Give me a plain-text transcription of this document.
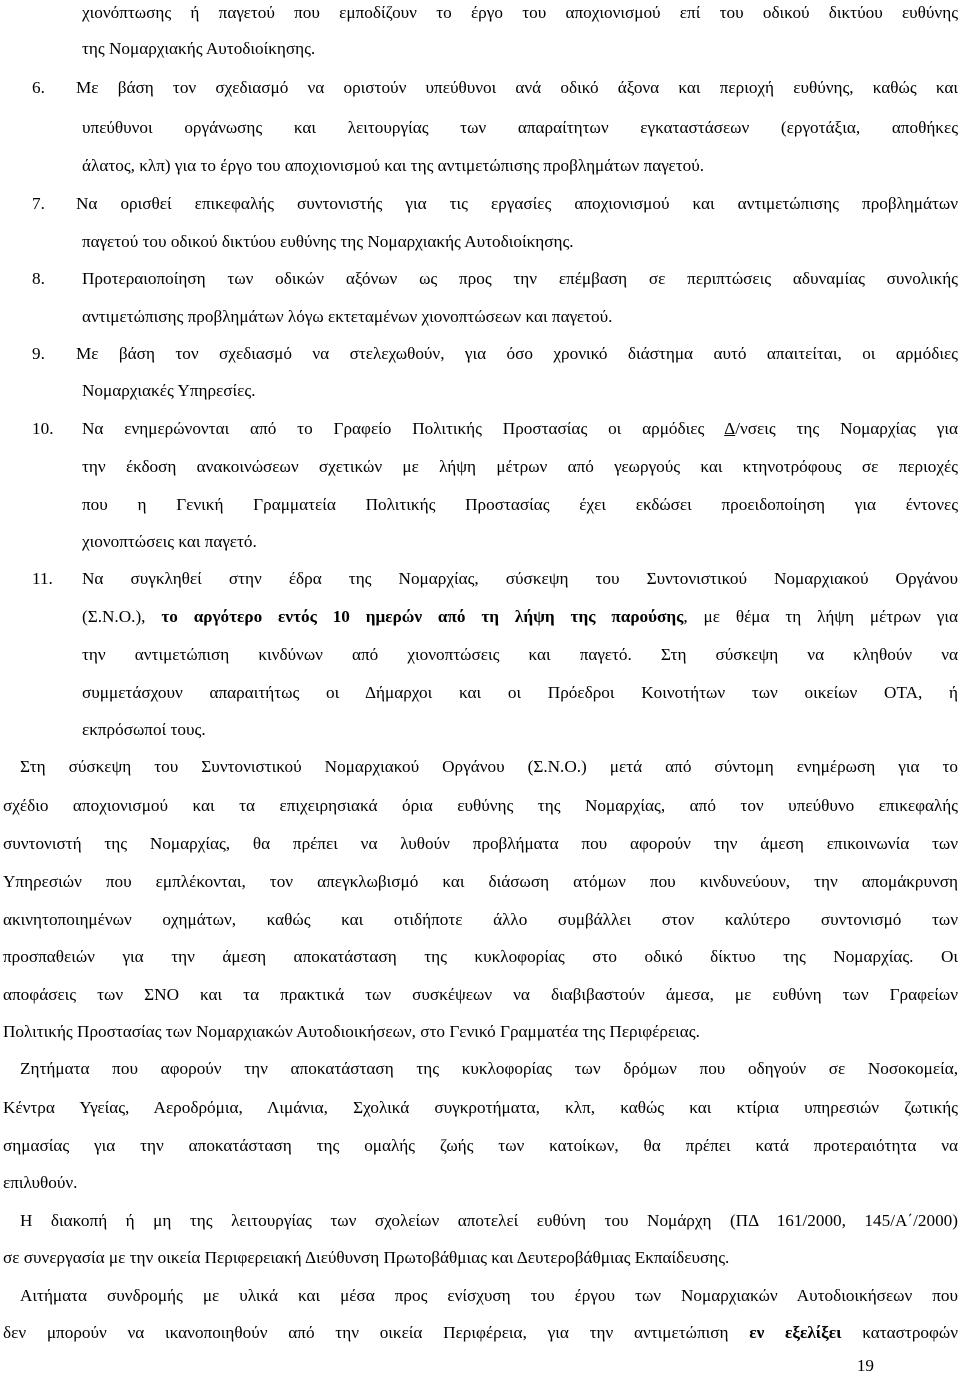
χιονόπτωσης ή παγετού που εμποδίζουν το έργο του αποχιονισμού επί του οδικού δικτύου ευθύνης
της Νομαρχιακής Αυτοδιοίκησης.
6. Με βάση τον σχεδιασμό να οριστούν υπεύθυνοι ανά οδικό άξονα και περιοχή ευθύνης, καθώς και
υπεύθυνοι οργάνωσης και λειτουργίας των απαραίτητων εγκαταστάσεων (εργοτάξια, αποθήκες
άλατος, κλπ) για το έργο του αποχιονισμού και της αντιμετώπισης προβλημάτων παγετού.
7. Να ορισθεί επικεφαλής συντονιστής για τις εργασίες αποχιονισμού και αντιμετώπισης προβλημάτων
παγετού του οδικού δικτύου ευθύνης της Νομαρχιακής Αυτοδιοίκησης.
8. Προτεραιοποίηση των οδικών αξόνων ως προς την επέμβαση σε περιπτώσεις αδυναμίας συνολικής
αντιμετώπισης προβλημάτων λόγω εκτεταμένων χιονοπτώσεων και παγετού.
9. Με βάση τον σχεδιασμό να στελεχωθούν, για όσο χρονικό διάστημα αυτό απαιτείται, οι αρμόδιες
Νομαρχιακές Υπηρεσίες.
10. Να ενημερώνονται από το Γραφείο Πολιτικής Προστασίας οι αρμόδιες Δ/νσεις της Νομαρχίας για
την έκδοση ανακοινώσεων σχετικών με λήψη μέτρων από γεωργούς και κτηνοτρόφους σε περιοχές
που η Γενική Γραμματεία Πολιτικής Προστασίας έχει εκδώσει προειδοποίηση για έντονες
χιονοπτώσεις και παγετό.
11. Να συγκληθεί στην έδρα της Νομαρχίας, σύσκεψη του Συντονιστικού Νομαρχιακού Οργάνου
(Σ.Ν.Ο.), το αργότερο εντός 10 ημερών από τη λήψη της παρούσης, με θέμα τη λήψη μέτρων για
την αντιμετώπιση κινδύνων από χιονοπτώσεις και παγετό. Στη σύσκεψη να κληθούν να
συμμετάσχουν απαραιτήτως οι Δήμαρχοι και οι Πρόεδροι Κοινοτήτων των οικείων ΟΤΑ, ή
εκπρόσωποί τους.
Στη σύσκεψη του Συντονιστικού Νομαρχιακού Οργάνου (Σ.Ν.Ο.) μετά από σύντομη ενημέρωση για το
σχέδιο αποχιονισμού και τα επιχειρησιακά όρια ευθύνης της Νομαρχίας, από τον υπεύθυνο επικεφαλής
συντονιστή της Νομαρχίας, θα πρέπει να λυθούν προβλήματα που αφορούν την άμεση επικοινωνία των
Υπηρεσιών που εμπλέκονται, τον απεγκλωβισμό και διάσωση ατόμων που κινδυνεύουν, την απομάκρυνση
ακινητοποιημένων οχημάτων, καθώς και οτιδήποτε άλλο συμβάλλει στον καλύτερο συντονισμό των
προσπαθειών για την άμεση αποκατάσταση της κυκλοφορίας στο οδικό δίκτυο της Νομαρχίας. Οι
αποφάσεις των ΣΝΟ και τα πρακτικά των συσκέψεων να διαβιβαστούν άμεσα, με ευθύνη των Γραφείων
Πολιτικής Προστασίας των Νομαρχιακών Αυτοδιοικήσεων, στο Γενικό Γραμματέα της Περιφέρειας.
Ζητήματα που αφορούν την αποκατάσταση της κυκλοφορίας των δρόμων που οδηγούν σε Νοσοκομεία,
Κέντρα Υγείας, Αεροδρόμια, Λιμάνια, Σχολικά συγκροτήματα, κλπ, καθώς και κτίρια υπηρεσιών ζωτικής
σημασίας για την αποκατάσταση της ομαλής ζωής των κατοίκων, θα πρέπει κατά προτεραιότητα να
επιλυθούν.
Η διακοπή ή μη της λειτουργίας των σχολείων αποτελεί ευθύνη του Νομάρχη (ΠΔ 161/2000, 145/Α΄/2000)
σε συνεργασία με την οικεία Περιφερειακή Διεύθυνση Πρωτοβάθμιας και Δευτεροβάθμιας Εκπαίδευσης.
Αιτήματα συνδρομής με υλικά και μέσα προς ενίσχυση του έργου των Νομαρχιακών Αυτοδιοικήσεων που
δεν μπορούν να ικανοποιηθούν από την οικεία Περιφέρεια, για την αντιμετώπιση εν εξελίξει καταστροφών
19
